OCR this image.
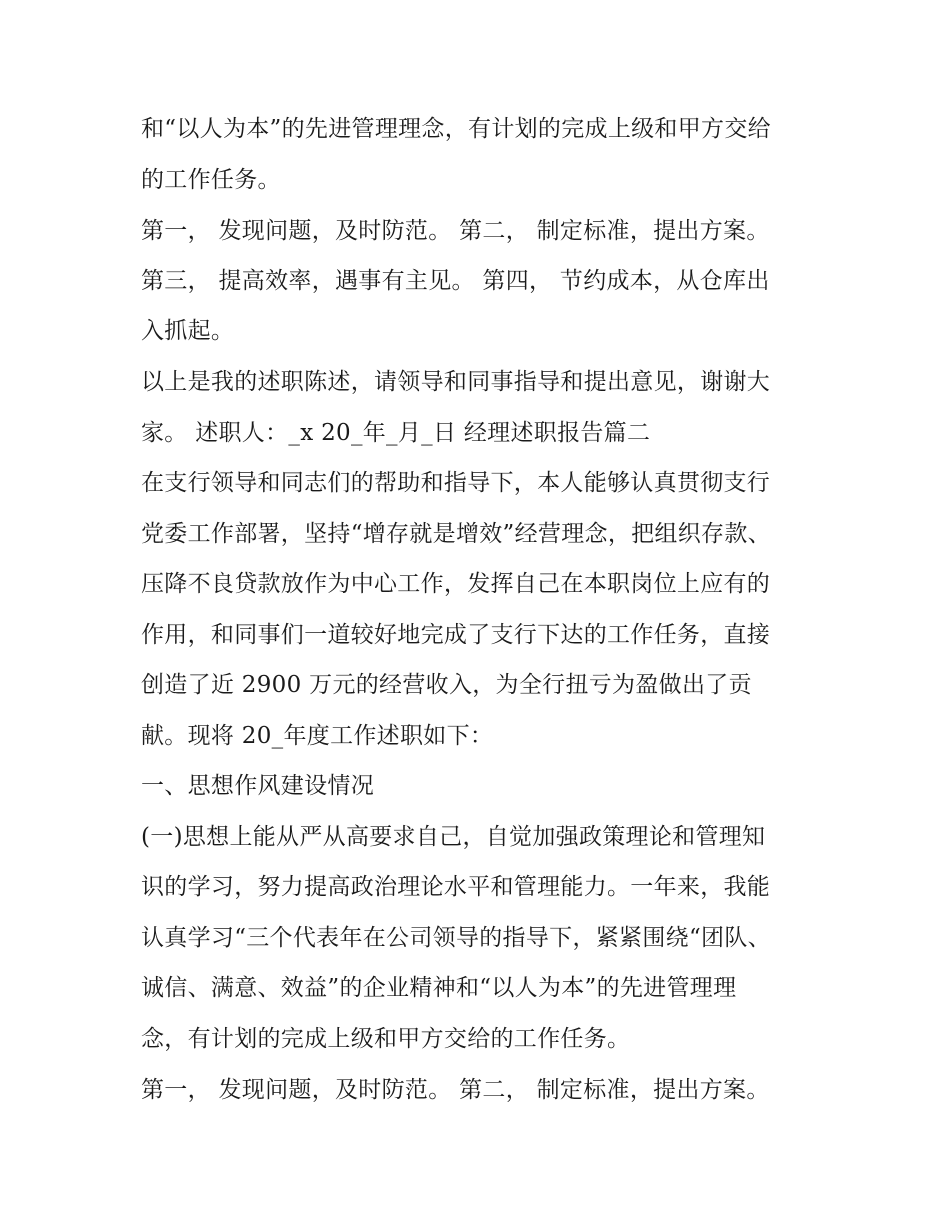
和“以人为本”的先进管理理念，有计划的完成上级和甲方交给
的工作任务。
第一， 发现问题，及时防范。 第二， 制定标准，提出方案。
第三， 提高效率，遇事有主见。 第四， 节约成本，从仓库出
入抓起。
以上是我的述职陈述，请领导和同事指导和提出意见，谢谢大
家。 述职人：_x 20_年_月_日 经理述职报告篇二
在支行领导和同志们的帮助和指导下，本人能够认真贯彻支行
党委工作部署，坚持“增存就是增效”经营理念，把组织存款、
压降不良贷款放作为中心工作，发挥自己在本职岗位上应有的
作用，和同事们一道较好地完成了支行下达的工作任务，直接
创造了近 2900 万元的经营收入，为全行扭亏为盈做出了贡
献。现将 20_年度工作述职如下：
一、思想作风建设情况
(一)思想上能从严从高要求自己，自觉加强政策理论和管理知
识的学习，努力提高政治理论水平和管理能力。一年来，我能
认真学习“三个代表年在公司领导的指导下，紧紧围绕“团队、
诚信、满意、效益”的企业精神和“以人为本”的先进管理理
念，有计划的完成上级和甲方交给的工作任务。
第一， 发现问题，及时防范。 第二， 制定标准，提出方案。
